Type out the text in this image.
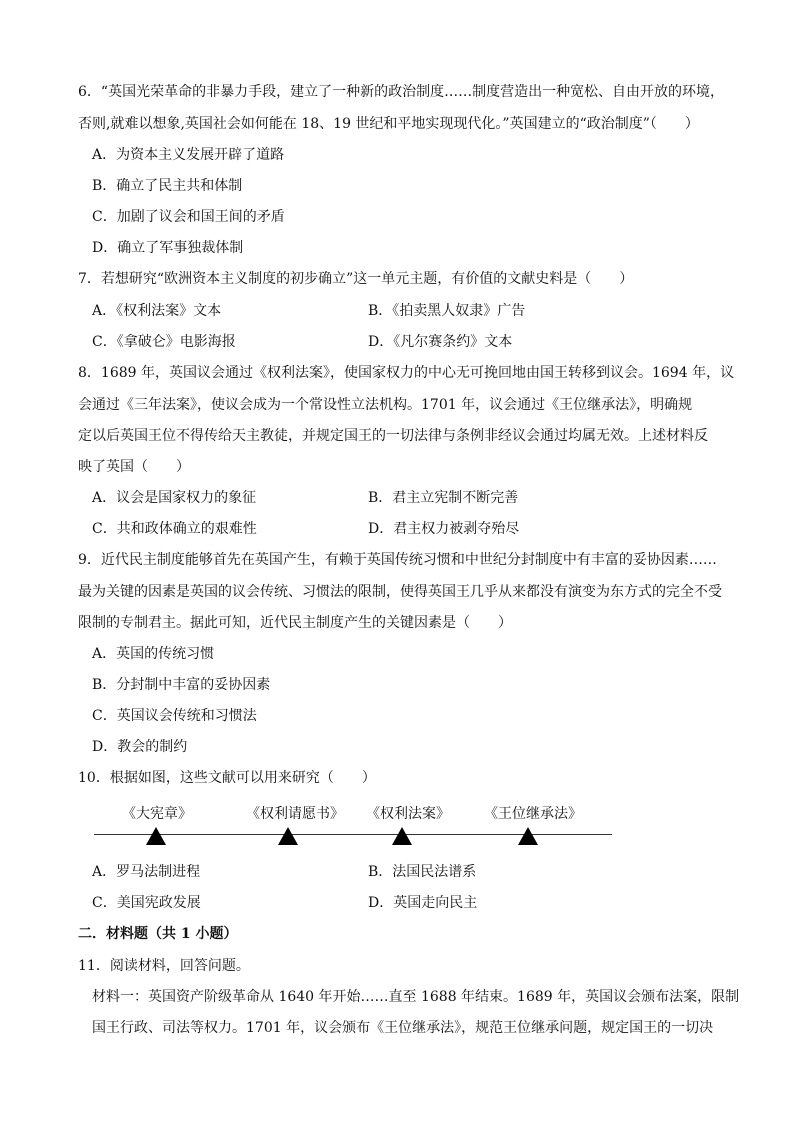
6．“英国光荣革命的非暴力手段，建立了一种新的政治制度……制度营造出一种宽松、自由开放的环境，
否则,就难以想象,英国社会如何能在 18、19 世纪和平地实现现代化。”英国建立的“政治制度”（　　）
A．为资本主义发展开辟了道路
B．确立了民主共和体制
C．加剧了议会和国王间的矛盾
D．确立了军事独裁体制
7．若想研究“欧洲资本主义制度的初步确立”这一单元主题，有价值的文献史料是（　　）
A．《权利法案》文本	B．《拍卖黑人奴隶》广告
C．《拿破仑》电影海报	D．《凡尔赛条约》文本
8．1689 年，英国议会通过《权利法案》，使国家权力的中心无可挽回地由国王转移到议会。1694 年，议
会通过《三年法案》，使议会成为一个常设性立法机构。1701 年，议会通过《王位继承法》，明确规
定以后英国王位不得传给天主教徒，并规定国王的一切法律与条例非经议会通过均属无效。上述材料反
映了英国（　　）
A．议会是国家权力的象征	B．君主立宪制不断完善
C．共和政体确立的艰难性	D．君主权力被剥夺殆尽
9．近代民主制度能够首先在英国产生，有赖于英国传统习惯和中世纪分封制度中有丰富的妥协因素……
最为关键的因素是英国的议会传统、习惯法的限制，使得英国王几乎从来都没有演变为东方式的完全不受
限制的专制君主。据此可知，近代民主制度产生的关键因素是（　　）
A．英国的传统习惯
B．分封制中丰富的妥协因素
C．英国议会传统和习惯法
D．教会的制约
10．根据如图，这些文献可以用来研究（　　）
《大宪章》	《权利请愿书》 《权利法案》 《王位继承法》
A．罗马法制进程	B．法国民法谱系
C．美国宪政发展	D．英国走向民主
二．材料题（共 1 小题）
11．阅读材料，回答问题。
材料一：英国资产阶级革命从 1640 年开始……直至 1688 年结束。1689 年，英国议会颁布法案，限制
国王行政、司法等权力。1701 年，议会颁布《王位继承法》，规范王位继承问题，规定国王的一切决
